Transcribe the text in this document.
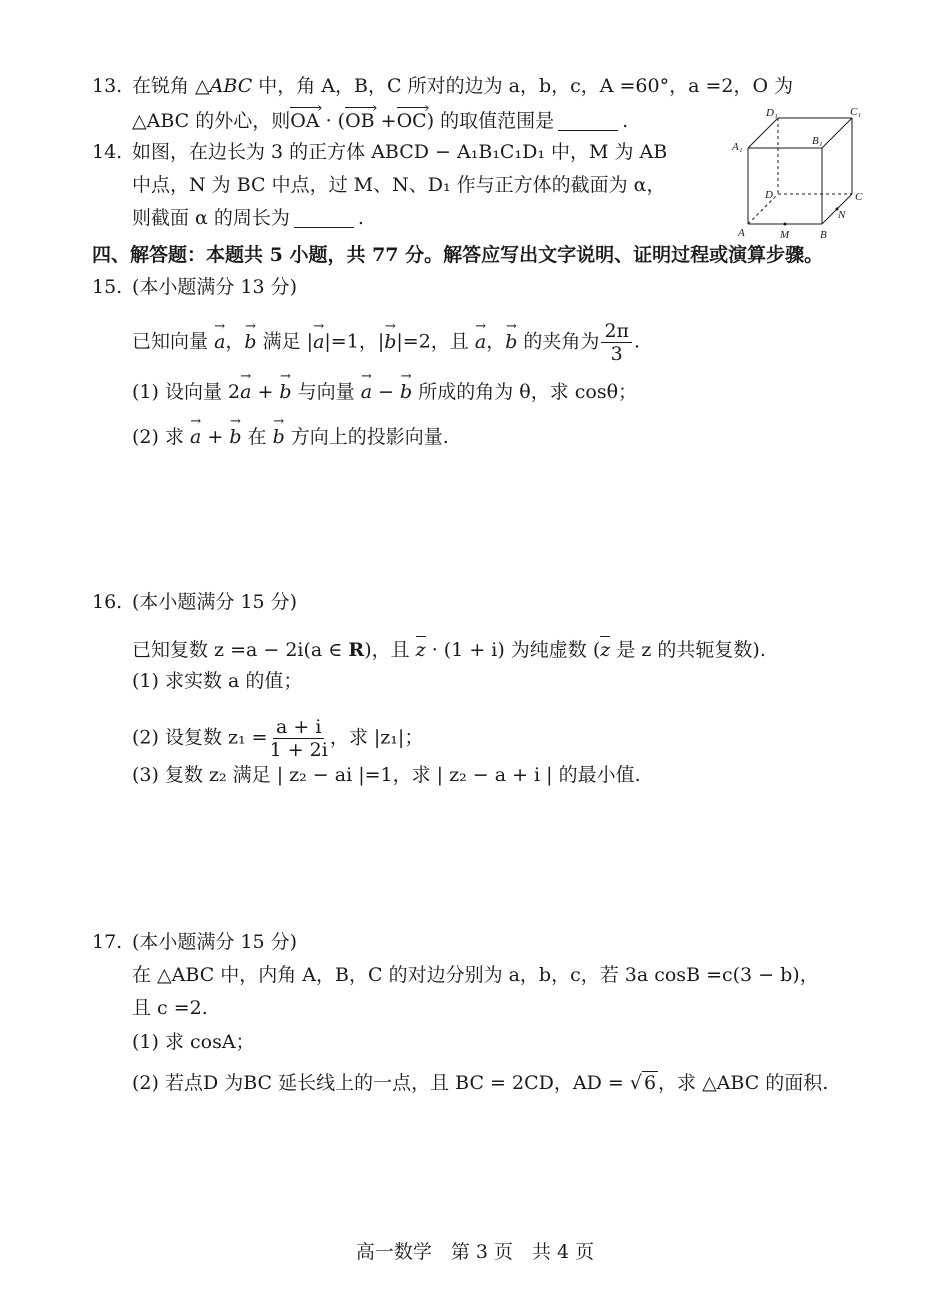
13. 在锐角 △ABC 中，角 A，B，C 所对的边为 a，b，c，A =60°，a =2，O 为
△ABC 的外心，则OA › · (OB › +OC ›) 的取值范围是	.
14. 如图，在边长为 3 的正方体 ABCD − A₁B₁C₁D₁ 中，M 为 AB
中点，N 为 BC 中点，过 M、N、D₁ 作与正方体的截面为 α，
则截面 α 的周长为	.
A	B
C
D
A₁	B₁
C₁
D₁
M
N
四、解答题：本题共 5 小题，共 77 分。解答应写出文字说明、证明过程或演算步骤。
15. (本小题满分 13 分)
已知向量 → a，→ b 满足 |→ a|=1，|→ b|=2，且 → a，→ b 的夹角为 $\frac{2\pi}{3}$ .
(1) 设向量 2→ a + → b 与向量 → a − → b 所成的角为 θ，求 cosθ；
(2) 求 → a + → b 在 → b 方向上的投影向量.
16. (本小题满分 15 分)
已知复数 z =a − 2i(a ∈ R)，且 z · (1 + i) 为纯虚数 (z 是 z 的共轭复数).
(1) 求实数 a 的值；
(2) 设复数 $z_1 = \frac{a + i}{1 + 2i}$ ，求 |z₁|；
(3) 复数 z₂ 满足 | z₂ − ai |=1，求 | z₂ − a + i | 的最小值.
17. (本小题满分 15 分)
在 △ABC 中，内角 A，B，C 的对边分别为 a，b，c，若 3a cosB =c(3 − b)，
且 c =2.
(1) 求 cosA；
(2) 若点D 为BC 延长线上的一点，且 BC = 2CD，AD = √ 6 ，求 △ABC 的面积.
高一数学　第 3 页　共 4 页
